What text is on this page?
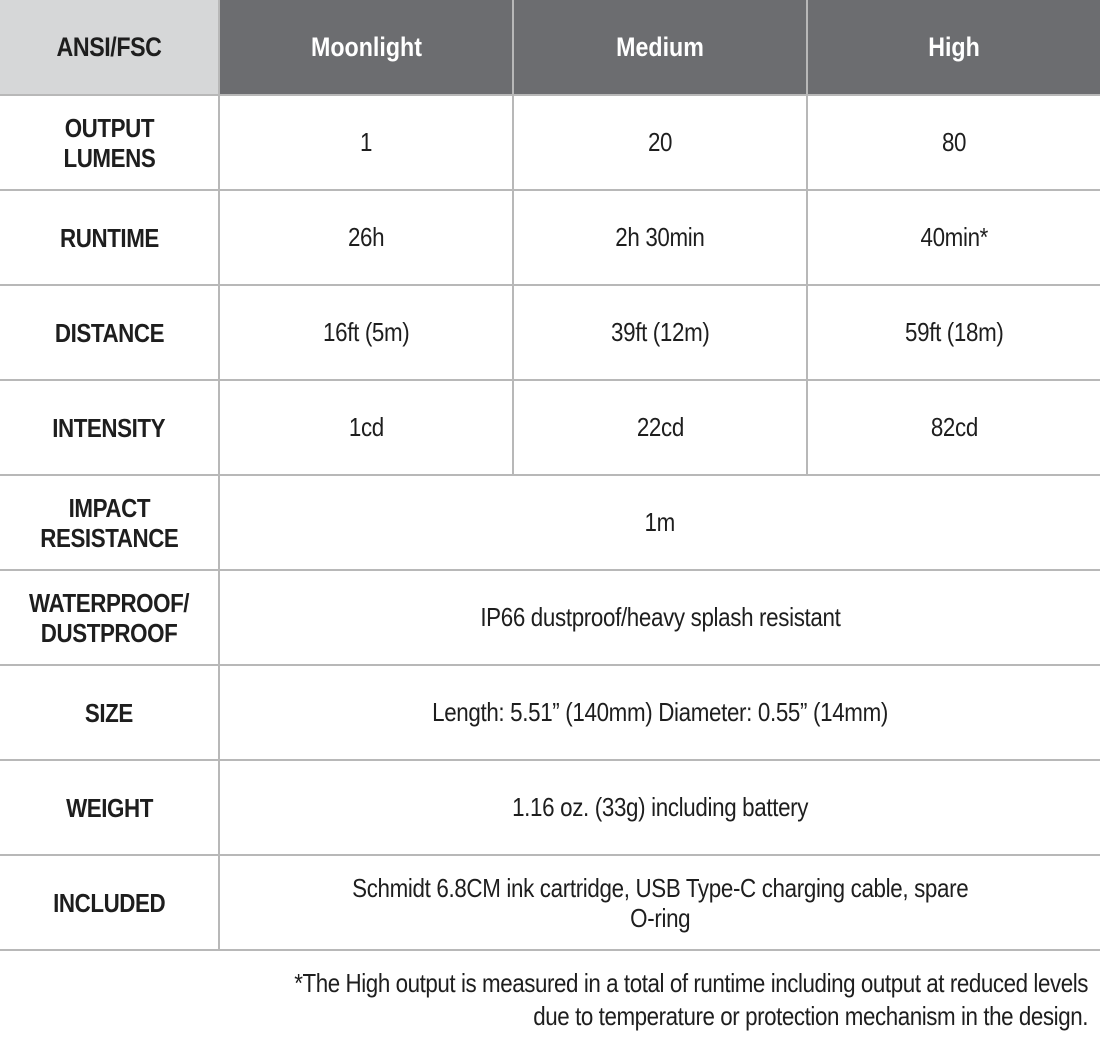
ANSI/FSC	Moonlight	Medium	High
OUTPUT
LUMENS	1	20	80
RUNTIME	26h	2h 30min	40min*
DISTANCE	16ft (5m)	39ft (12m)	59ft (18m)
INTENSITY	1cd	22cd	82cd
IMPACT
RESISTANCE	1m		
WATERPROOF/
DUSTPROOF	IP66 dustproof/heavy splash resistant		
SIZE	Length: 5.51” (140mm) Diameter: 0.55” (14mm)		
WEIGHT	1.16 oz. (33g) including battery		
INCLUDED	Schmidt 6.8CM ink cartridge, USB Type-C charging cable, spare
O-ring		
*The High output is measured in a total of runtime including output at reduced levels
due to temperature or protection mechanism in the design.
